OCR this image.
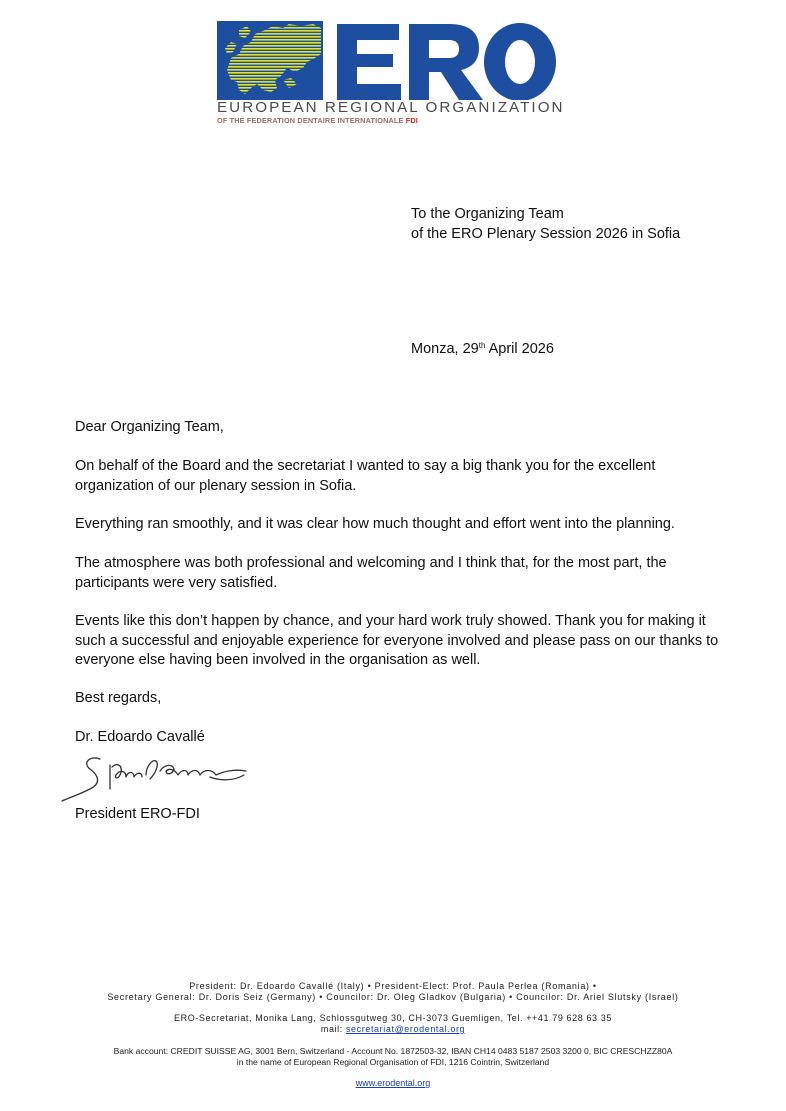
EUROPEAN REGIONAL ORGANIZATION
OF THE FEDERATION DENTAIRE INTERNATIONALE FDI
To the Organizing Team
of the ERO Plenary Session 2026 in Sofia
Monza, 29th April 2026

Dear Organizing Team,

On behalf of the Board and the secretariat I wanted to say a big thank you for the excellent organization of our plenary session in Sofia.

Everything ran smoothly, and it was clear how much thought and effort went into the planning.

The atmosphere was both professional and welcoming and I think that, for the most part, the participants were very satisfied.

Events like this don’t happen by chance, and your hard work truly showed. Thank you for making it such a successful and enjoyable experience for everyone involved and please pass on our thanks to everyone else having been involved in the organisation as well.

Best regards,

Dr. Edoardo Cavallé

President ERO-FDI

President: Dr. Edoardo Cavallé (Italy) • President-Elect: Prof. Paula Perlea (Romania) •
Secretary General: Dr. Doris Seiz (Germany) • Councilor: Dr. Oleg Gladkov (Bulgaria) • Councilor: Dr. Ariel Slutsky (Israel)
ERO-Secretariat, Monika Lang, Schlossgutweg 30, CH-3073 Guemligen, Tel. ++41 79 628 63 35
mail: secretariat@erodental.org
Bank account: CREDIT SUISSE AG, 3001 Bern, Switzerland - Account No. 1872503-32, IBAN CH14 0483 5187 2503 3200 0, BIC CRESCHZZ80A
in the name of European Regional Organisation of FDI, 1216 Cointrin, Switzerland
www.erodental.org
